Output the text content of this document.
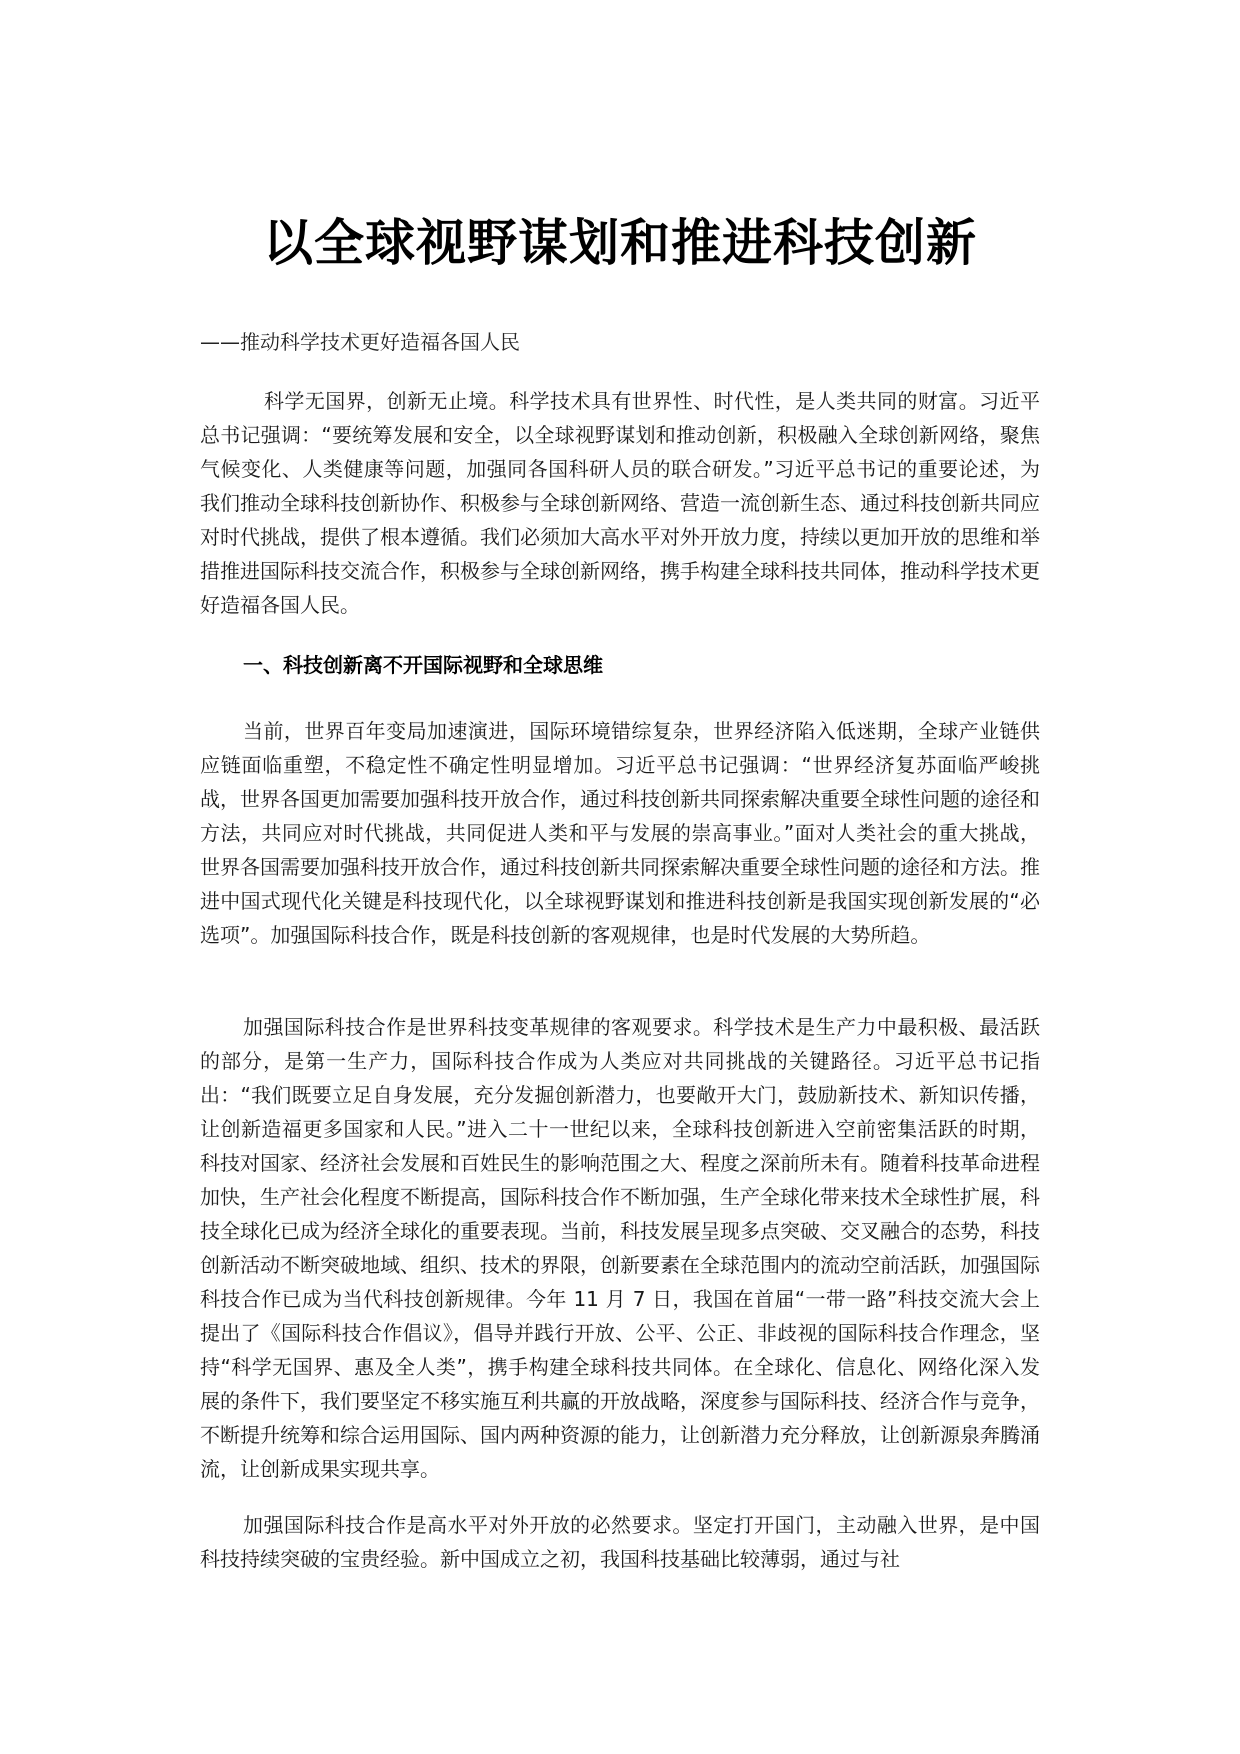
以全球视野谋划和推进科技创新
——推动科学技术更好造福各国人民

科学无国界，创新无止境。科学技术具有世界性、时代性，是人类共同的财富。习近平总书记强调：“要统筹发展和安全，以全球视野谋划和推动创新，积极融入全球创新网络，聚焦气候变化、人类健康等问题，加强同各国科研人员的联合研发。”习近平总书记的重要论述，为我们推动全球科技创新协作、积极参与全球创新网络、营造一流创新生态、通过科技创新共同应对时代挑战，提供了根本遵循。我们必须加大高水平对外开放力度，持续以更加开放的思维和举措推进国际科技交流合作，积极参与全球创新网络，携手构建全球科技共同体，推动科学技术更好造福各国人民。

一、科技创新离不开国际视野和全球思维

当前，世界百年变局加速演进，国际环境错综复杂，世界经济陷入低迷期，全球产业链供应链面临重塑，不稳定性不确定性明显增加。习近平总书记强调：“世界经济复苏面临严峻挑战，世界各国更加需要加强科技开放合作，通过科技创新共同探索解决重要全球性问题的途径和方法，共同应对时代挑战，共同促进人类和平与发展的崇高事业。”面对人类社会的重大挑战，世界各国需要加强科技开放合作，通过科技创新共同探索解决重要全球性问题的途径和方法。推进中国式现代化关键是科技现代化，以全球视野谋划和推进科技创新是我国实现创新发展的“必选项”。加强国际科技合作，既是科技创新的客观规律，也是时代发展的大势所趋。

加强国际科技合作是世界科技变革规律的客观要求。科学技术是生产力中最积极、最活跃的部分，是第一生产力，国际科技合作成为人类应对共同挑战的关键路径。习近平总书记指出：“我们既要立足自身发展，充分发掘创新潜力，也要敞开大门，鼓励新技术、新知识传播，让创新造福更多国家和人民。”进入二十一世纪以来，全球科技创新进入空前密集活跃的时期，科技对国家、经济社会发展和百姓民生的影响范围之大、程度之深前所未有。随着科技革命进程加快，生产社会化程度不断提高，国际科技合作不断加强，生产全球化带来技术全球性扩展，科技全球化已成为经济全球化的重要表现。当前，科技发展呈现多点突破、交叉融合的态势，科技创新活动不断突破地域、组织、技术的界限，创新要素在全球范围内的流动空前活跃，加强国际科技合作已成为当代科技创新规律。今年 11 月 7 日，我国在首届“一带一路”科技交流大会上提出了《国际科技合作倡议》，倡导并践行开放、公平、公正、非歧视的国际科技合作理念，坚持“科学无国界、惠及全人类”，携手构建全球科技共同体。在全球化、信息化、网络化深入发展的条件下，我们要坚定不移实施互利共赢的开放战略，深度参与国际科技、经济合作与竞争，不断提升统筹和综合运用国际、国内两种资源的能力，让创新潜力充分释放，让创新源泉奔腾涌流，让创新成果实现共享。

加强国际科技合作是高水平对外开放的必然要求。坚定打开国门，主动融入世界，是中国科技持续突破的宝贵经验。新中国成立之初，我国科技基础比较薄弱，通过与社
